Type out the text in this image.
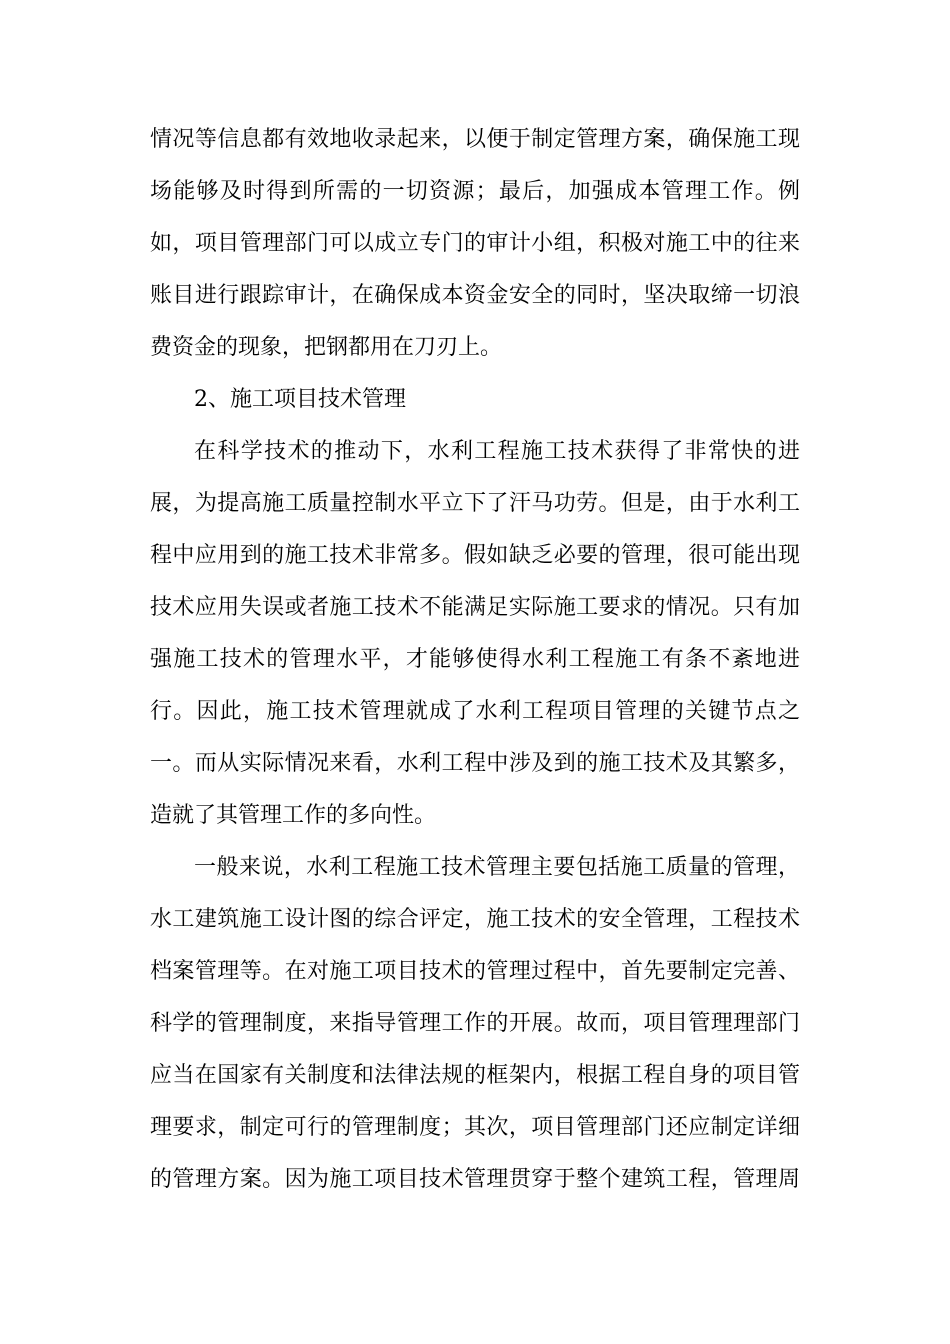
情况等信息都有效地收录起来，以便于制定管理方案，确保施工现
场能够及时得到所需的一切资源；最后，加强成本管理工作。例
如，项目管理部门可以成立专门的审计小组，积极对施工中的往来
账目进行跟踪审计，在确保成本资金安全的同时，坚决取缔一切浪
费资金的现象，把钢都用在刀刃上。
2、施工项目技术管理
在科学技术的推动下，水利工程施工技术获得了非常快的进
展，为提高施工质量控制水平立下了汗马功劳。但是，由于水利工
程中应用到的施工技术非常多。假如缺乏必要的管理，很可能出现
技术应用失误或者施工技术不能满足实际施工要求的情况。只有加
强施工技术的管理水平，才能够使得水利工程施工有条不紊地进
行。因此，施工技术管理就成了水利工程项目管理的关键节点之
一。而从实际情况来看，水利工程中涉及到的施工技术及其繁多，
造就了其管理工作的多向性。
一般来说，水利工程施工技术管理主要包括施工质量的管理，
水工建筑施工设计图的综合评定，施工技术的安全管理，工程技术
档案管理等。在对施工项目技术的管理过程中，首先要制定完善、
科学的管理制度，来指导管理工作的开展。故而，项目管理理部门
应当在国家有关制度和法律法规的框架内，根据工程自身的项目管
理要求，制定可行的管理制度；其次，项目管理部门还应制定详细
的管理方案。因为施工项目技术管理贯穿于整个建筑工程，管理周
